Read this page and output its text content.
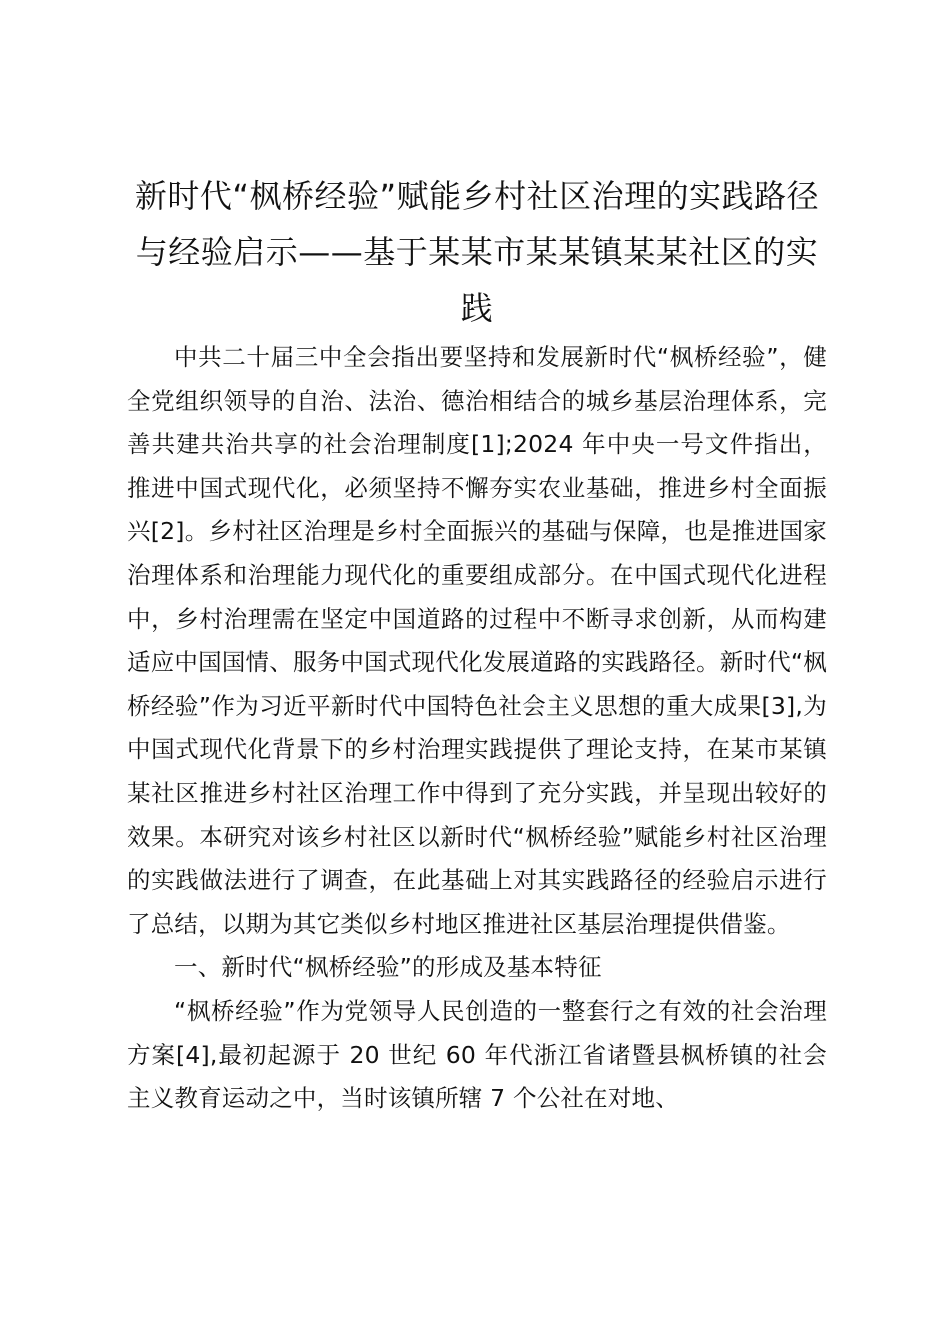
新时代“枫桥经验”赋能乡村社区治理的实践路径与经验启示——基于某某市某某镇某某社区的实践

中共二十届三中全会指出要坚持和发展新时代“枫桥经验”，健全党组织领导的自治、法治、德治相结合的城乡基层治理体系，完善共建共治共享的社会治理制度[1];2024 年中央一号文件指出，推进中国式现代化，必须坚持不懈夯实农业基础，推进乡村全面振兴[2]。乡村社区治理是乡村全面振兴的基础与保障，也是推进国家治理体系和治理能力现代化的重要组成部分。在中国式现代化进程中，乡村治理需在坚定中国道路的过程中不断寻求创新，从而构建适应中国国情、服务中国式现代化发展道路的实践路径。新时代“枫桥经验”作为习近平新时代中国特色社会主义思想的重大成果[3],为中国式现代化背景下的乡村治理实践提供了理论支持，在某市某镇某社区推进乡村社区治理工作中得到了充分实践，并呈现出较好的效果。本研究对该乡村社区以新时代“枫桥经验”赋能乡村社区治理的实践做法进行了调查，在此基础上对其实践路径的经验启示进行了总结，以期为其它类似乡村地区推进社区基层治理提供借鉴。

一、新时代“枫桥经验”的形成及基本特征

“枫桥经验”作为党领导人民创造的一整套行之有效的社会治理方案[4],最初起源于 20 世纪 60 年代浙江省诸暨县枫桥镇的社会主义教育运动之中，当时该镇所辖 7 个公社在对地、
